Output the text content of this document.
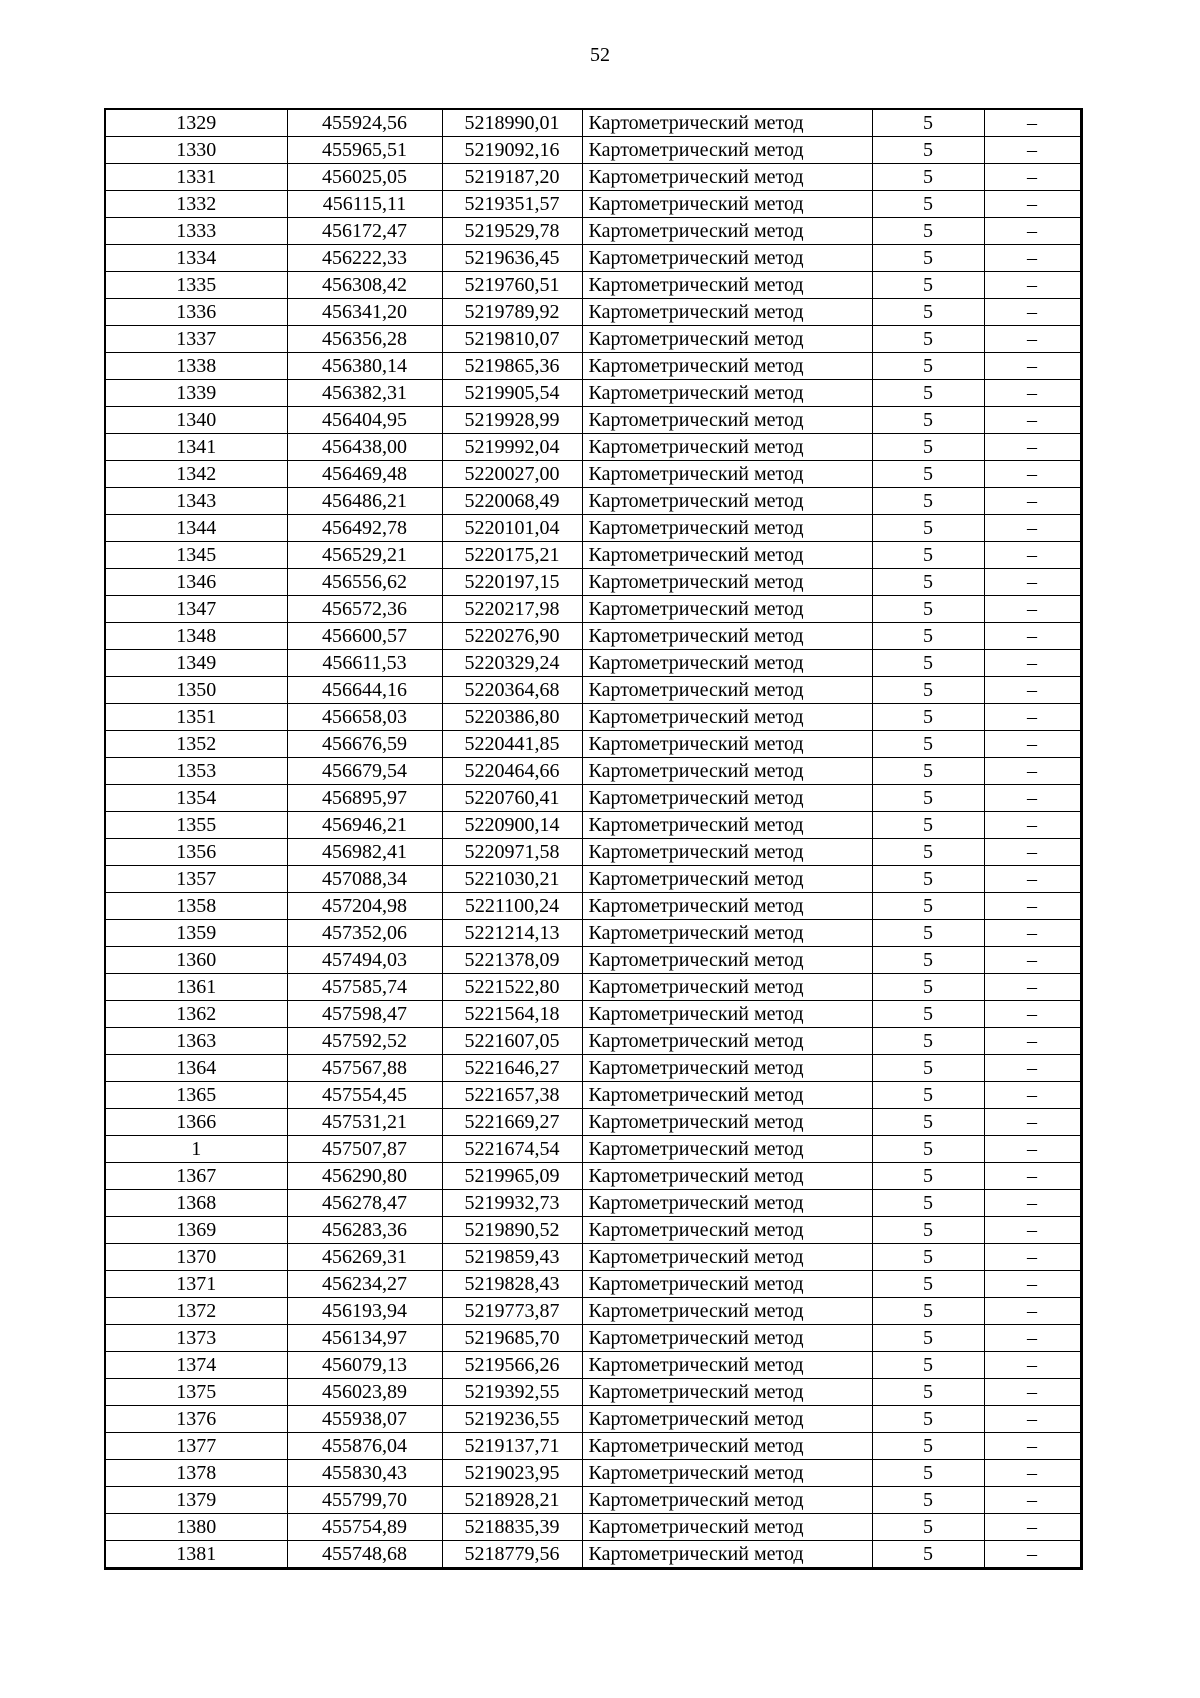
52
1329	455924,56	5218990,01	Картометрический метод	5	–
1330	455965,51	5219092,16	Картометрический метод	5	–
1331	456025,05	5219187,20	Картометрический метод	5	–
1332	456115,11	5219351,57	Картометрический метод	5	–
1333	456172,47	5219529,78	Картометрический метод	5	–
1334	456222,33	5219636,45	Картометрический метод	5	–
1335	456308,42	5219760,51	Картометрический метод	5	–
1336	456341,20	5219789,92	Картометрический метод	5	–
1337	456356,28	5219810,07	Картометрический метод	5	–
1338	456380,14	5219865,36	Картометрический метод	5	–
1339	456382,31	5219905,54	Картометрический метод	5	–
1340	456404,95	5219928,99	Картометрический метод	5	–
1341	456438,00	5219992,04	Картометрический метод	5	–
1342	456469,48	5220027,00	Картометрический метод	5	–
1343	456486,21	5220068,49	Картометрический метод	5	–
1344	456492,78	5220101,04	Картометрический метод	5	–
1345	456529,21	5220175,21	Картометрический метод	5	–
1346	456556,62	5220197,15	Картометрический метод	5	–
1347	456572,36	5220217,98	Картометрический метод	5	–
1348	456600,57	5220276,90	Картометрический метод	5	–
1349	456611,53	5220329,24	Картометрический метод	5	–
1350	456644,16	5220364,68	Картометрический метод	5	–
1351	456658,03	5220386,80	Картометрический метод	5	–
1352	456676,59	5220441,85	Картометрический метод	5	–
1353	456679,54	5220464,66	Картометрический метод	5	–
1354	456895,97	5220760,41	Картометрический метод	5	–
1355	456946,21	5220900,14	Картометрический метод	5	–
1356	456982,41	5220971,58	Картометрический метод	5	–
1357	457088,34	5221030,21	Картометрический метод	5	–
1358	457204,98	5221100,24	Картометрический метод	5	–
1359	457352,06	5221214,13	Картометрический метод	5	–
1360	457494,03	5221378,09	Картометрический метод	5	–
1361	457585,74	5221522,80	Картометрический метод	5	–
1362	457598,47	5221564,18	Картометрический метод	5	–
1363	457592,52	5221607,05	Картометрический метод	5	–
1364	457567,88	5221646,27	Картометрический метод	5	–
1365	457554,45	5221657,38	Картометрический метод	5	–
1366	457531,21	5221669,27	Картометрический метод	5	–
1	457507,87	5221674,54	Картометрический метод	5	–
1367	456290,80	5219965,09	Картометрический метод	5	–
1368	456278,47	5219932,73	Картометрический метод	5	–
1369	456283,36	5219890,52	Картометрический метод	5	–
1370	456269,31	5219859,43	Картометрический метод	5	–
1371	456234,27	5219828,43	Картометрический метод	5	–
1372	456193,94	5219773,87	Картометрический метод	5	–
1373	456134,97	5219685,70	Картометрический метод	5	–
1374	456079,13	5219566,26	Картометрический метод	5	–
1375	456023,89	5219392,55	Картометрический метод	5	–
1376	455938,07	5219236,55	Картометрический метод	5	–
1377	455876,04	5219137,71	Картометрический метод	5	–
1378	455830,43	5219023,95	Картометрический метод	5	–
1379	455799,70	5218928,21	Картометрический метод	5	–
1380	455754,89	5218835,39	Картометрический метод	5	–
1381	455748,68	5218779,56	Картометрический метод	5	–
